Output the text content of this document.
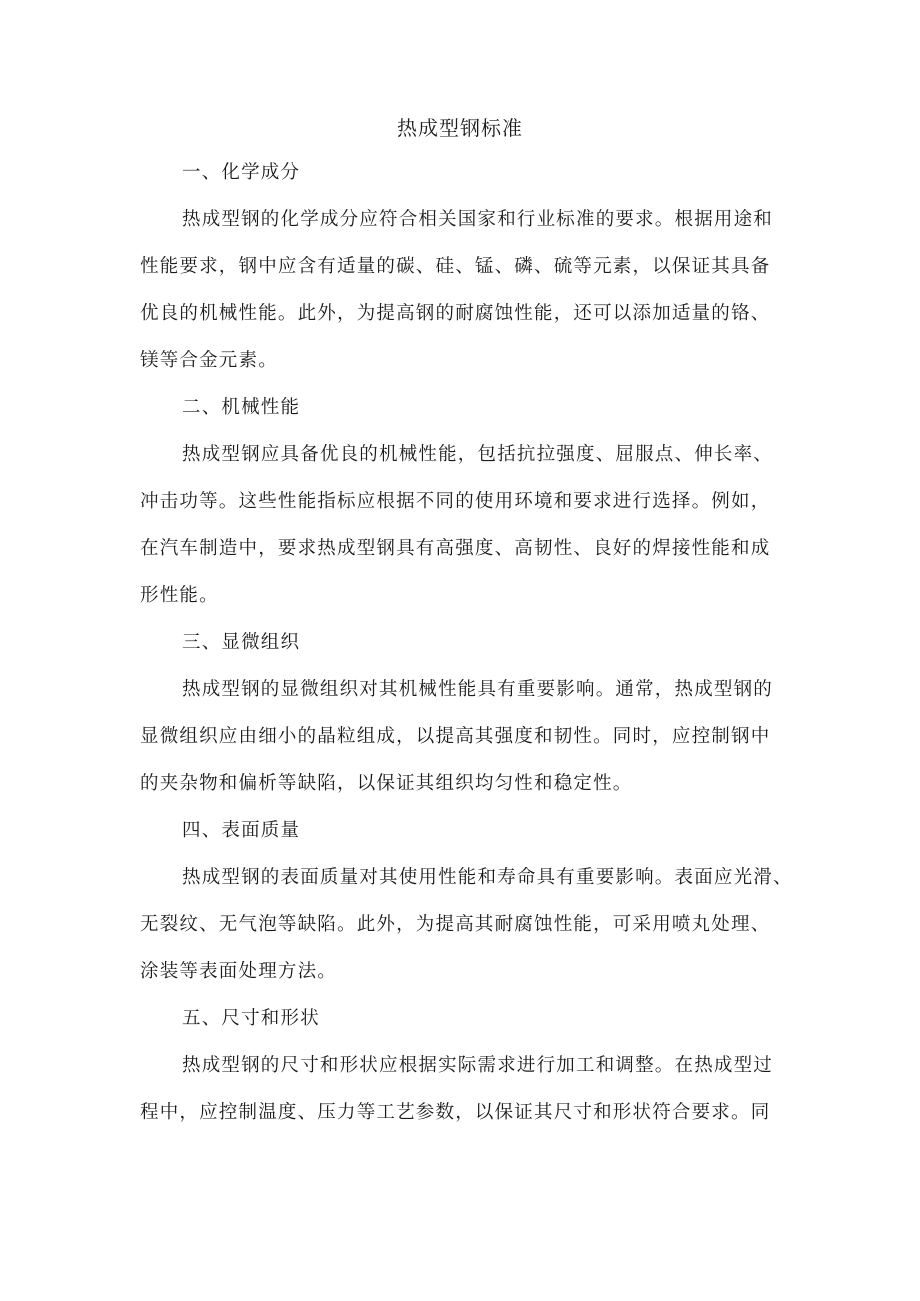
热成型钢标准
一、化学成分
热成型钢的化学成分应符合相关国家和行业标准的要求。根据用途和
性能要求，钢中应含有适量的碳、硅、锰、磷、硫等元素，以保证其具备
优良的机械性能。此外，为提高钢的耐腐蚀性能，还可以添加适量的铬、
镁等合金元素。
二、机械性能
热成型钢应具备优良的机械性能，包括抗拉强度、屈服点、伸长率、
冲击功等。这些性能指标应根据不同的使用环境和要求进行选择。例如，
在汽车制造中，要求热成型钢具有高强度、高韧性、良好的焊接性能和成
形性能。
三、显微组织
热成型钢的显微组织对其机械性能具有重要影响。通常，热成型钢的
显微组织应由细小的晶粒组成，以提高其强度和韧性。同时，应控制钢中
的夹杂物和偏析等缺陷，以保证其组织均匀性和稳定性。
四、表面质量
热成型钢的表面质量对其使用性能和寿命具有重要影响。表面应光滑、
无裂纹、无气泡等缺陷。此外，为提高其耐腐蚀性能，可采用喷丸处理、
涂装等表面处理方法。
五、尺寸和形状
热成型钢的尺寸和形状应根据实际需求进行加工和调整。在热成型过
程中，应控制温度、压力等工艺参数，以保证其尺寸和形状符合要求。同
